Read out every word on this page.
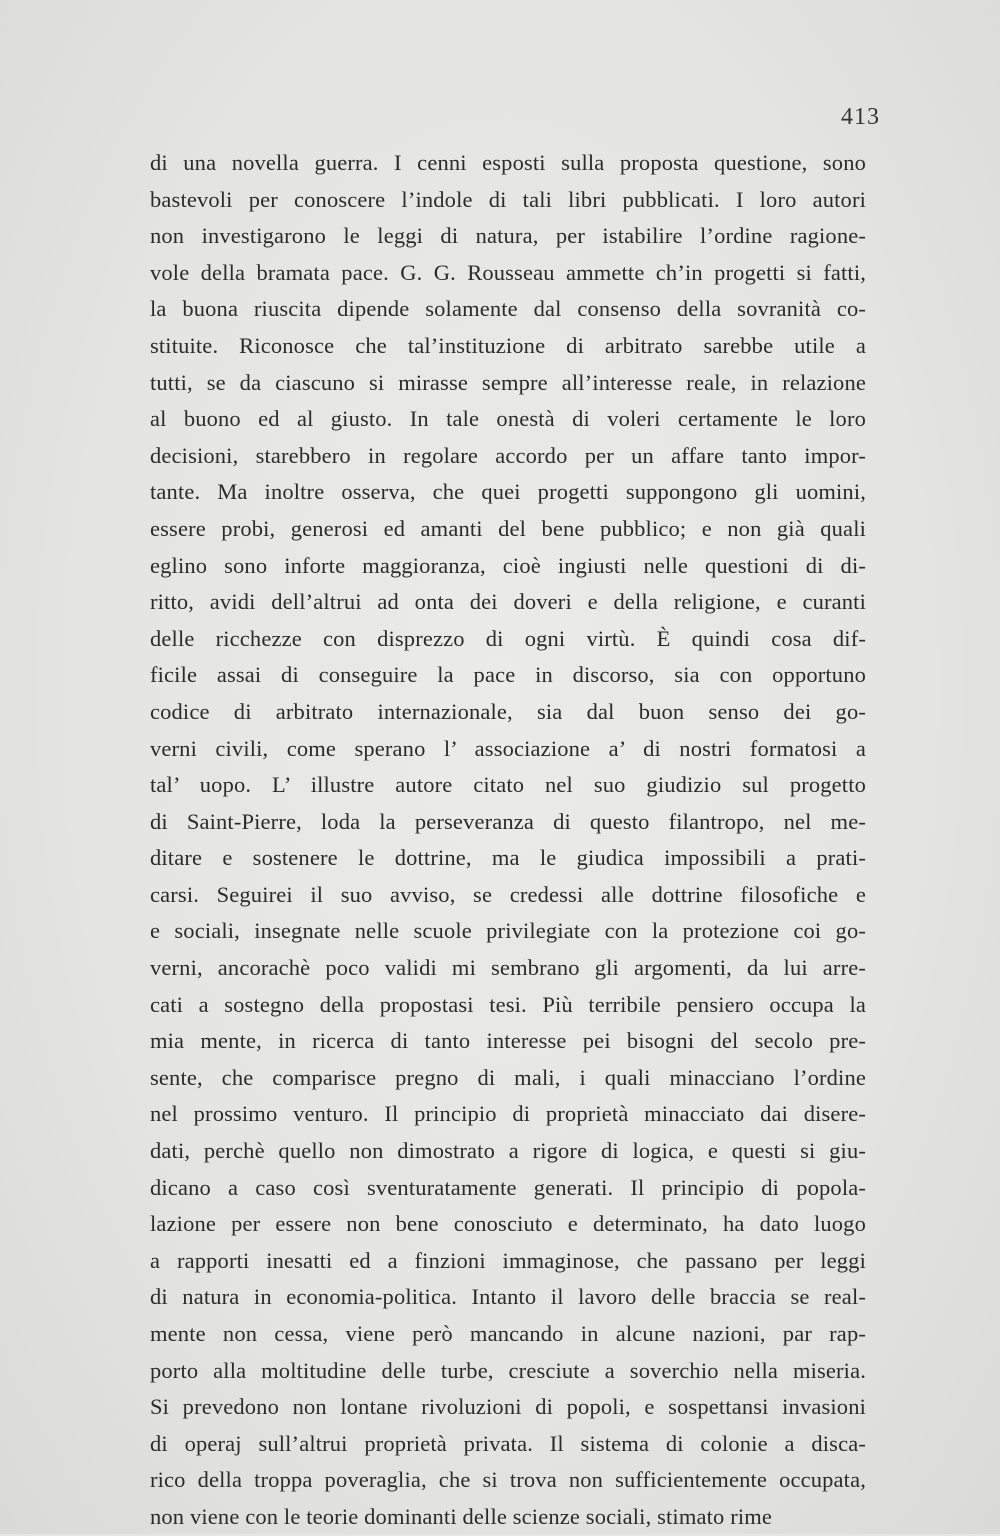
413
di una novella guerra. I cenni esposti sulla proposta questione, sono
bastevoli per conoscere l’indole di tali libri pubblicati. I loro autori
non investigarono le leggi di natura, per istabilire l’ordine ragione-
vole della bramata pace. G. G. Rousseau ammette ch’in progetti si fatti,
la buona riuscita dipende solamente dal consenso della sovranità co-
stituite. Riconosce che tal’instituzione di arbitrato sarebbe utile a
tutti, se da ciascuno si mirasse sempre all’interesse reale, in relazione
al buono ed al giusto. In tale onestà di voleri certamente le loro
decisioni, starebbero in regolare accordo per un affare tanto impor-
tante. Ma inoltre osserva, che quei progetti suppongono gli uomini,
essere probi, generosi ed amanti del bene pubblico; e non già quali
eglino sono inforte maggioranza, cioè ingiusti nelle questioni di di-
ritto, avidi dell’altrui ad onta dei doveri e della religione, e curanti
delle ricchezze con disprezzo di ogni virtù. È quindi cosa dif-
ficile assai di conseguire la pace in discorso, sia con opportuno
codice di arbitrato internazionale, sia dal buon senso dei go-
verni civili, come sperano l’ associazione a’ di nostri formatosi a
tal’ uopo. L’ illustre autore citato nel suo giudizio sul progetto
di Saint-Pierre, loda la perseveranza di questo filantropo, nel me-
ditare e sostenere le dottrine, ma le giudica impossibili a prati-
carsi. Seguirei il suo avviso, se credessi alle dottrine filosofiche e
e sociali, insegnate nelle scuole privilegiate con la protezione coi go-
verni, ancorachè poco validi mi sembrano gli argomenti, da lui arre-
cati a sostegno della propostasi tesi. Più terribile pensiero occupa la
mia mente, in ricerca di tanto interesse pei bisogni del secolo pre-
sente, che comparisce pregno di mali, i quali minacciano l’ordine
nel prossimo venturo. Il principio di proprietà minacciato dai disere-
dati, perchè quello non dimostrato a rigore di logica, e questi si giu-
dicano a caso così sventuratamente generati. Il principio di popola-
lazione per essere non bene conosciuto e determinato, ha dato luogo
a rapporti inesatti ed a finzioni immaginose, che passano per leggi
di natura in economia-politica. Intanto il lavoro delle braccia se real-
mente non cessa, viene però mancando in alcune nazioni, par rap-
porto alla moltitudine delle turbe, cresciute a soverchio nella miseria.
Si prevedono non lontane rivoluzioni di popoli, e sospettansi invasioni
di operaj sull’altrui proprietà privata. Il sistema di colonie a disca-
rico della troppa poveraglia, che si trova non sufficientemente occupata,
non viene con le teorie dominanti delle scienze sociali, stimato rime
